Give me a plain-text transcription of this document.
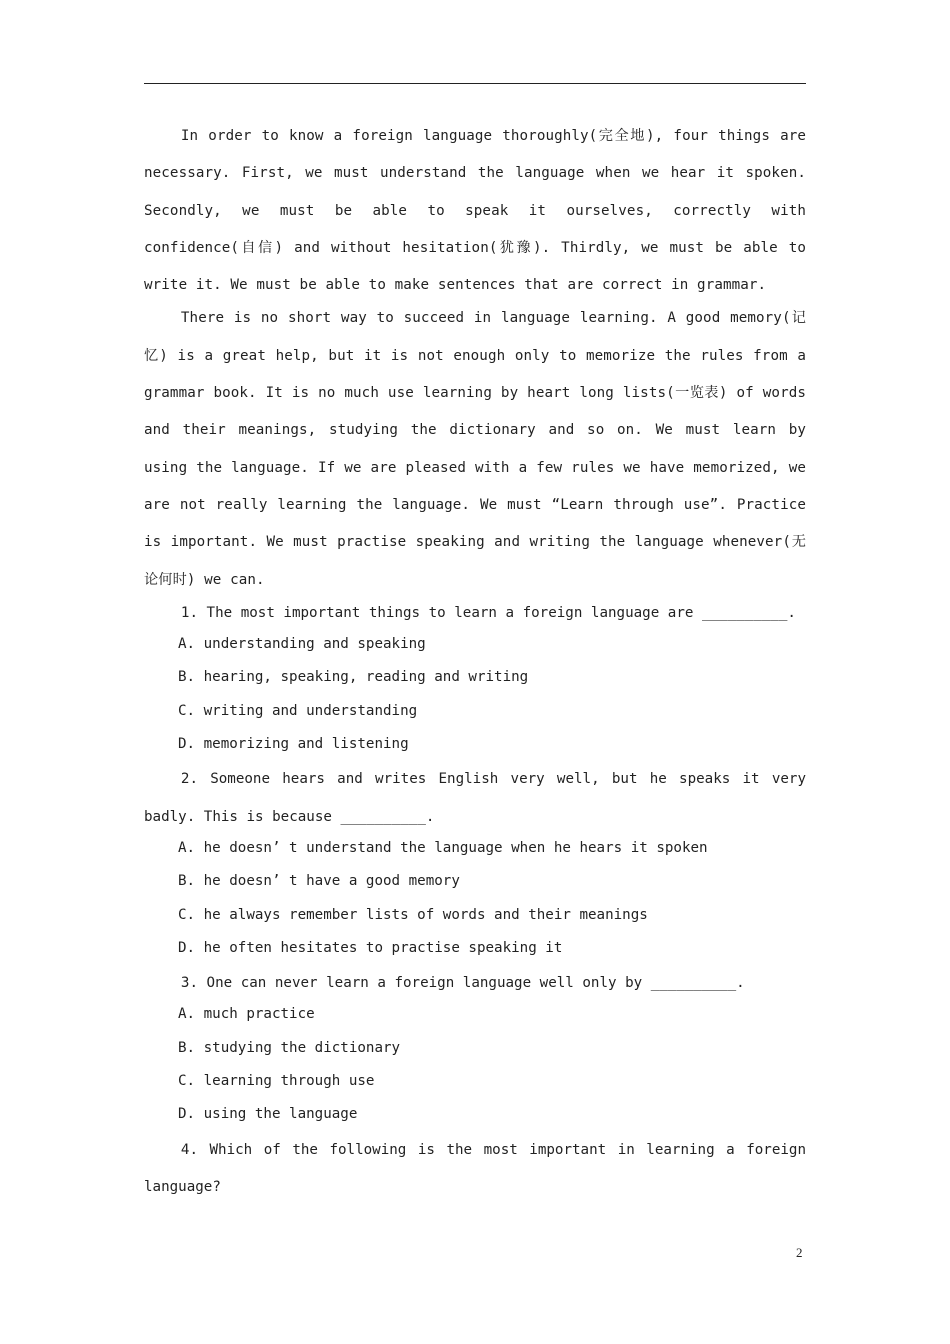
In order to know a foreign language thoroughly(完全地), four things are necessary. First, we must understand the language when we hear it spoken. Secondly, we must be able to speak it ourselves, correctly with confidence(自信) and without hesitation(犹豫). Thirdly, we must be able to write it. We must be able to make sentences that are correct in grammar.

There is no short way to succeed in language learning. A good memory(记忆) is a great help, but it is not enough only to memorize the rules from a grammar book. It is no much use learning by heart long lists(一览表) of words and their meanings, studying the dictionary and so on. We must learn by using the language. If we are pleased with a few rules we have memorized, we are not really learning the language. We must “Learn through use”. Practice is important. We must practise speaking and writing the language whenever(无论何时) we can.

1. The most important things to learn a foreign language are __________.

A. understanding and speaking
B. hearing, speaking, reading and writing
C. writing and understanding
D. memorizing and listening

2. Someone hears and writes English very well, but he speaks it very badly. This is because __________.

A. he doesn’ t understand the language when he hears it spoken
B. he doesn’ t have a good memory
C. he always remember lists of words and their meanings
D. he often hesitates to practise speaking it

3. One can never learn a foreign language well only by __________.

A. much practice
B. studying the dictionary
C. learning through use
D. using the language

4. Which of the following is the most important in learning a foreign language?

2
